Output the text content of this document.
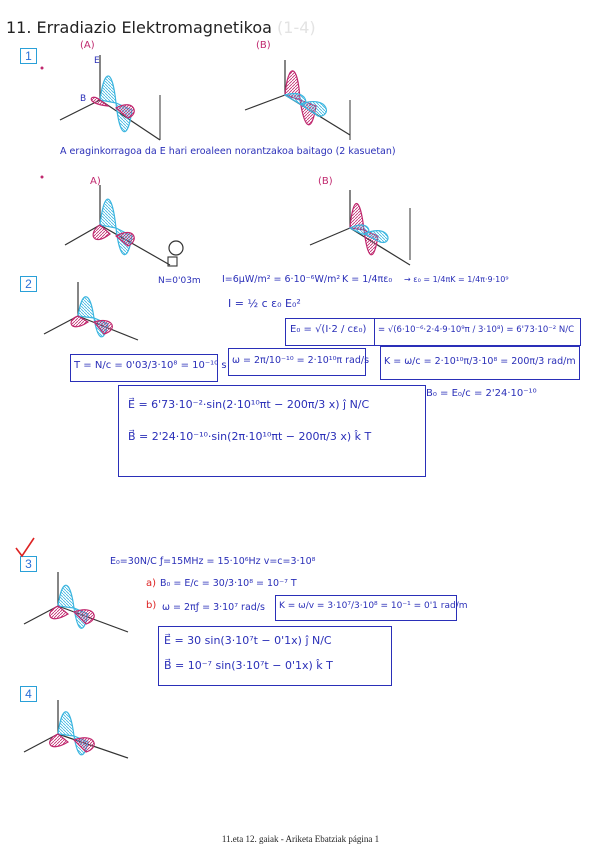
11. Erradiazio Elektromagnetikoa (1-4)
1
2
3
4
(A)	(B)
E
B
A eraginkorragoa da E hari eroaleen norantzakoa baitago (2 kasuetan)
A)	(B)
N=0'03m I=6µW/m² = 6·10⁻⁶W/m² K = 1/4πε₀ → ε₀ = 1/4πK = 1/4π·9·10⁹
I = ½ c ε₀ E₀²
E₀ = √(I·2 / cε₀) = √(6·10⁻⁶·2·4·9·10⁹π / 3·10⁸) = 6'73·10⁻² N/C
T = N/c = 0'03/3·10⁸ = 10⁻¹⁰ s ω = 2π/10⁻¹⁰ = 2·10¹⁰π rad/s K = ω/c = 2·10¹⁰π/3·10⁸ = 200π/3 rad/m
E⃗ = 6'73·10⁻²·sin(2·10¹⁰πt − 200π/3 x) ĵ N/C
B⃗ = 2'24·10⁻¹⁰·sin(2π·10¹⁰πt − 200π/3 x) k̂ T
B₀ = E₀/c = 2'24·10⁻¹⁰
E₀=30N/C ƒ=15MHz = 15·10⁶Hz v=c=3·10⁸
a) B₀ = E/c = 30/3·10⁸ = 10⁻⁷ T
b) ω = 2πƒ = 3·10⁷ rad/s K = ω/v = 3·10⁷/3·10⁸ = 10⁻¹ = 0'1 rad/m
E⃗ = 30 sin(3·10⁷t − 0'1x) ĵ N/C
B⃗ = 10⁻⁷ sin(3·10⁷t − 0'1x) k̂ T
11.eta 12. gaiak - Ariketa Ebatziak página 1
